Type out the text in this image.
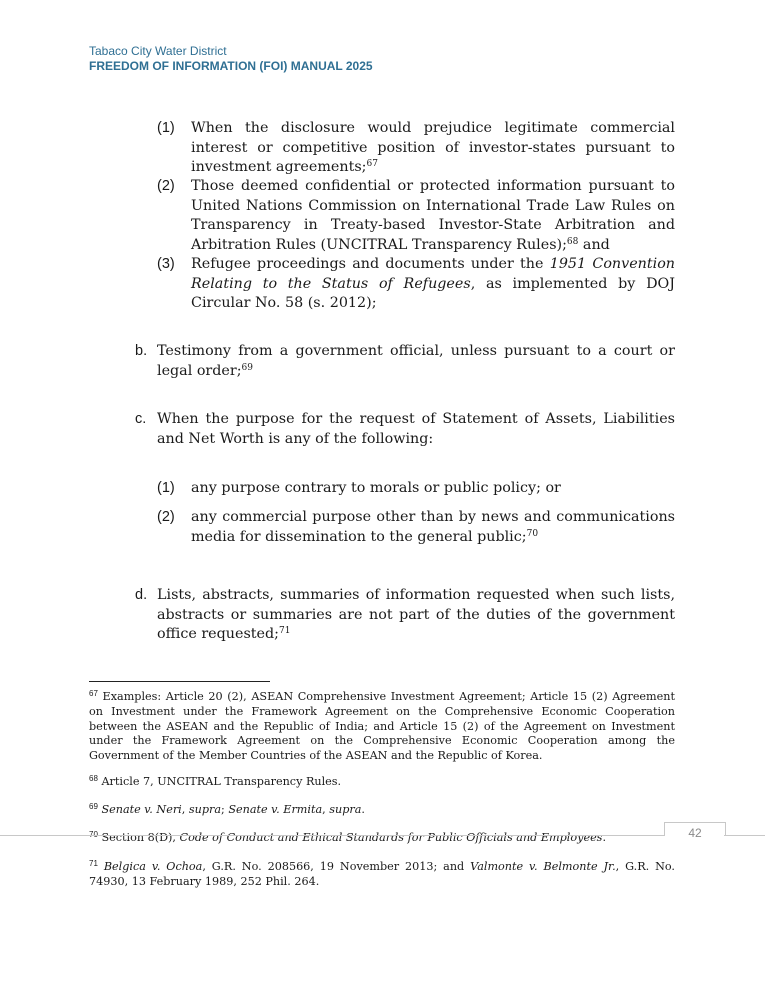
Tabaco City Water District
FREEDOM OF INFORMATION (FOI) MANUAL 2025
(1) When the disclosure would prejudice legitimate commercial interest or competitive position of investor-states pursuant to investment agreements;$^{67}$
(2) Those deemed confidential or protected information pursuant to United Nations Commission on International Trade Law Rules on Transparency in Treaty-based Investor-State Arbitration and Arbitration Rules (UNCITRAL Transparency Rules);$^{68}$ and
(3) Refugee proceedings and documents under the 1951 Convention Relating to the Status of Refugees, as implemented by DOJ Circular No. 58 (s. 2012);
b. Testimony from a government official, unless pursuant to a court or legal order;$^{69}$
c. When the purpose for the request of Statement of Assets, Liabilities and Net Worth is any of the following:
(1) any purpose contrary to morals or public policy; or
(2) any commercial purpose other than by news and communications media for dissemination to the general public;$^{70}$
d. Lists, abstracts, summaries of information requested when such lists, abstracts or summaries are not part of the duties of the government office requested;$^{71}$
$^{67}$ Examples: Article 20 (2), ASEAN Comprehensive Investment Agreement; Article 15 (2) Agreement on Investment under the Framework Agreement on the Comprehensive Economic Cooperation between the ASEAN and the Republic of India; and Article 15 (2) of the Agreement on Investment under the Framework Agreement on the Comprehensive Economic Cooperation among the Government of the Member Countries of the ASEAN and the Republic of Korea.
$^{68}$ Article 7, UNCITRAL Transparency Rules.
$^{69}$ Senate v. Neri, supra; Senate v. Ermita, supra.
$^{70}$ Section 8(D), Code of Conduct and Ethical Standards for Public Officials and Employees.
$^{71}$ Belgica v. Ochoa, G.R. No. 208566, 19 November 2013; and Valmonte v. Belmonte Jr., G.R. No. 74930, 13 February 1989, 252 Phil. 264.
42
